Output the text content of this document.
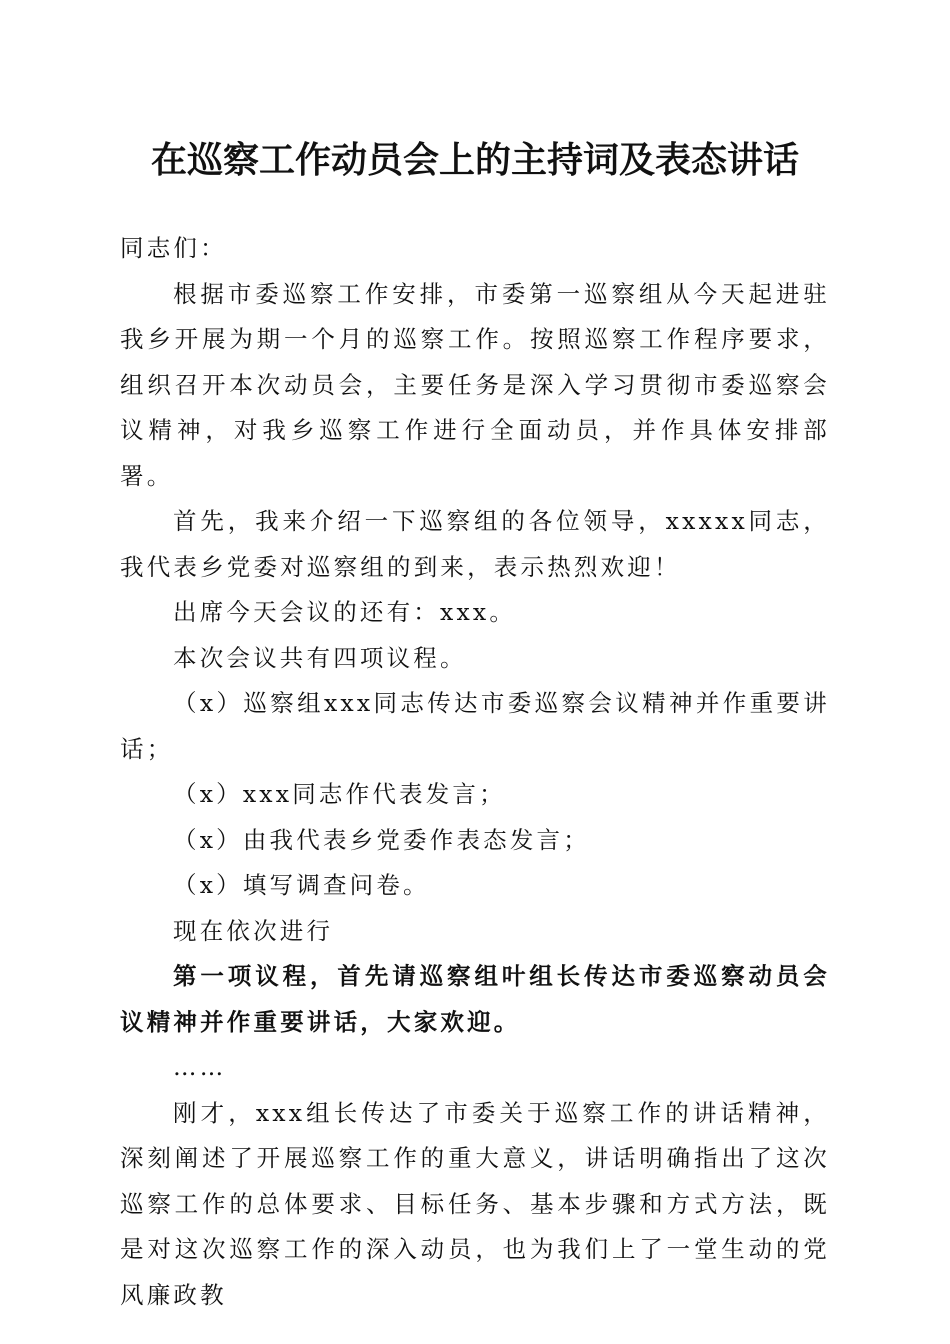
在巡察工作动员会上的主持词及表态讲话

同志们：

根据市委巡察工作安排，市委第一巡察组从今天起进驻我乡开展为期一个月的巡察工作。按照巡察工作程序要求，组织召开本次动员会，主要任务是深入学习贯彻市委巡察会议精神，对我乡巡察工作进行全面动员，并作具体安排部署。

首先，我来介绍一下巡察组的各位领导，xxxxx同志，我代表乡党委对巡察组的到来，表示热烈欢迎！

出席今天会议的还有：xxx。

本次会议共有四项议程。

（x）巡察组xxx同志传达市委巡察会议精神并作重要讲话；

（x）xxx同志作代表发言；

（x）由我代表乡党委作表态发言；

（x）填写调查问卷。

现在依次进行

第一项议程，首先请巡察组叶组长传达市委巡察动员会议精神并作重要讲话，大家欢迎。

……

刚才，xxx组长传达了市委关于巡察工作的讲话精神，深刻阐述了开展巡察工作的重大意义，讲话明确指出了这次巡察工作的总体要求、目标任务、基本步骤和方式方法，既是对这次巡察工作的深入动员，也为我们上了一堂生动的党风廉政教
